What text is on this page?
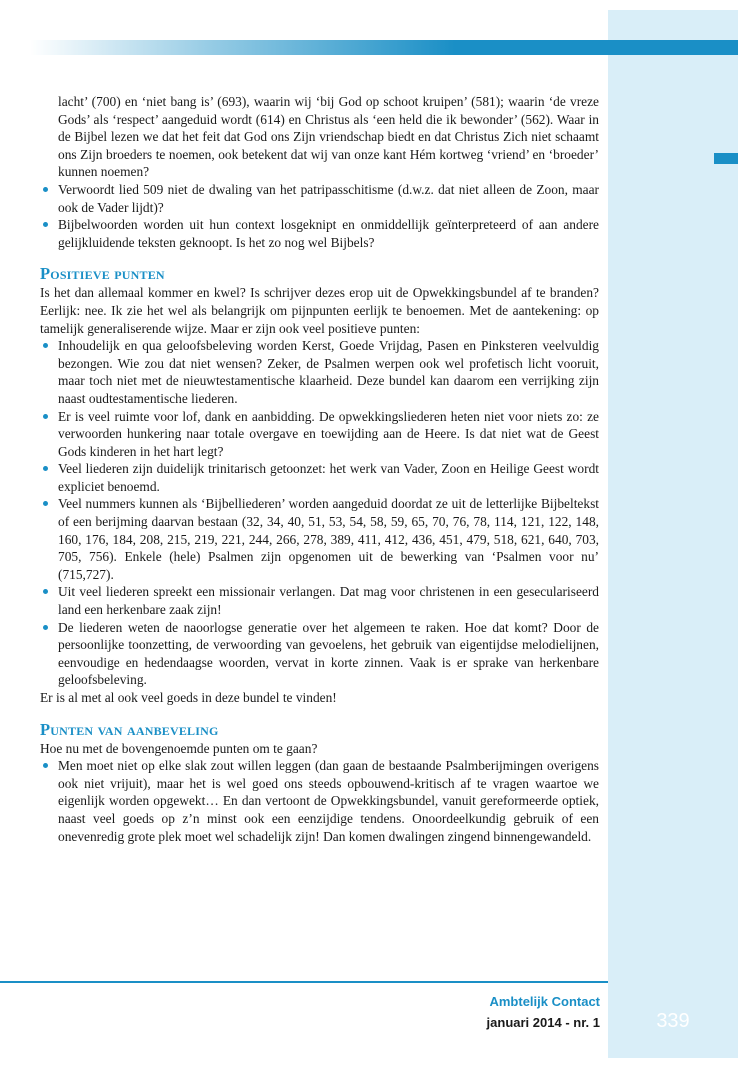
lacht’ (700) en ‘niet bang is’ (693), waarin wij ‘bij God op schoot kruipen’ (581); waarin ‘de vreze Gods’ als ‘respect’ aangeduid wordt (614) en Christus als ‘een held die ik bewonder’ (562). Waar in de Bijbel lezen we dat het feit dat God ons Zijn vriendschap biedt en dat Christus Zich niet schaamt ons Zijn broeders te noemen, ook betekent dat wij van onze kant Hém kortweg ‘vriend’ en ‘broeder’ kunnen noemen?

Verwoordt lied 509 niet de dwaling van het patripasschitisme (d.w.z. dat niet alleen de Zoon, maar ook de Vader lijdt)?
Bijbelwoorden worden uit hun context losgeknipt en onmiddellijk geïnterpreteerd of aan andere gelijkluidende teksten geknoopt. Is het zo nog wel Bijbels?
Positieve punten

Is het dan allemaal kommer en kwel? Is schrijver dezes erop uit de Opwekkingsbundel af te branden? Eerlijk: nee. Ik zie het wel als belangrijk om pijnpunten eerlijk te benoemen. Met de aantekening: op tamelijk generaliserende wijze. Maar er zijn ook veel positieve punten:

Inhoudelijk en qua geloofsbeleving worden Kerst, Goede Vrijdag, Pasen en Pinksteren veelvuldig bezongen. Wie zou dat niet wensen? Zeker, de Psalmen werpen ook wel profetisch licht vooruit, maar toch niet met de nieuwtestamentische klaarheid. Deze bundel kan daarom een verrijking zijn naast oudtestamentische liederen.
Er is veel ruimte voor lof, dank en aanbidding. De opwekkingsliederen heten niet voor niets zo: ze verwoorden hunkering naar totale overgave en toewijding aan de Heere. Is dat niet wat de Geest Gods kinderen in het hart legt?
Veel liederen zijn duidelijk trinitarisch getoonzet: het werk van Vader, Zoon en Heilige Geest wordt expliciet benoemd.
Veel nummers kunnen als ‘Bijbelliederen’ worden aangeduid doordat ze uit de letterlijke Bijbeltekst of een berijming daarvan bestaan (32, 34, 40, 51, 53, 54, 58, 59, 65, 70, 76, 78, 114, 121, 122, 148, 160, 176, 184, 208, 215, 219, 221, 244, 266, 278, 389, 411, 412, 436, 451, 479, 518, 621, 640, 703, 705, 756). Enkele (hele) Psalmen zijn opgenomen uit de bewerking van ‘Psalmen voor nu’ (715,727).
Uit veel liederen spreekt een missionair verlangen. Dat mag voor christenen in een geseculariseerd land een herkenbare zaak zijn!
De liederen weten de naoorlogse generatie over het algemeen te raken. Hoe dat komt? Door de persoonlijke toonzetting, de verwoording van gevoelens, het gebruik van eigentijdse melodielijnen, eenvoudige en hedendaagse woorden, vervat in korte zinnen. Vaak is er sprake van herkenbare geloofsbeleving.

Er is al met al ook veel goeds in deze bundel te vinden!

Punten van aanbeveling

Hoe nu met de bovengenoemde punten om te gaan?

Men moet niet op elke slak zout willen leggen (dan gaan de bestaande Psalmberijmingen overigens ook niet vrijuit), maar het is wel goed ons steeds opbouwend-kritisch af te vragen waartoe we eigenlijk worden opgewekt… En dan vertoont de Opwekkingsbundel, vanuit gereformeerde optiek, naast veel goeds op z’n minst ook een eenzijdige tendens. Onoordeelkundig gebruik of een onevenredig grote plek moet wel schadelijk zijn! Dan komen dwalingen zingend binnengewandeld.
Ambtelijk Contact
januari 2014 - nr. 1	339
